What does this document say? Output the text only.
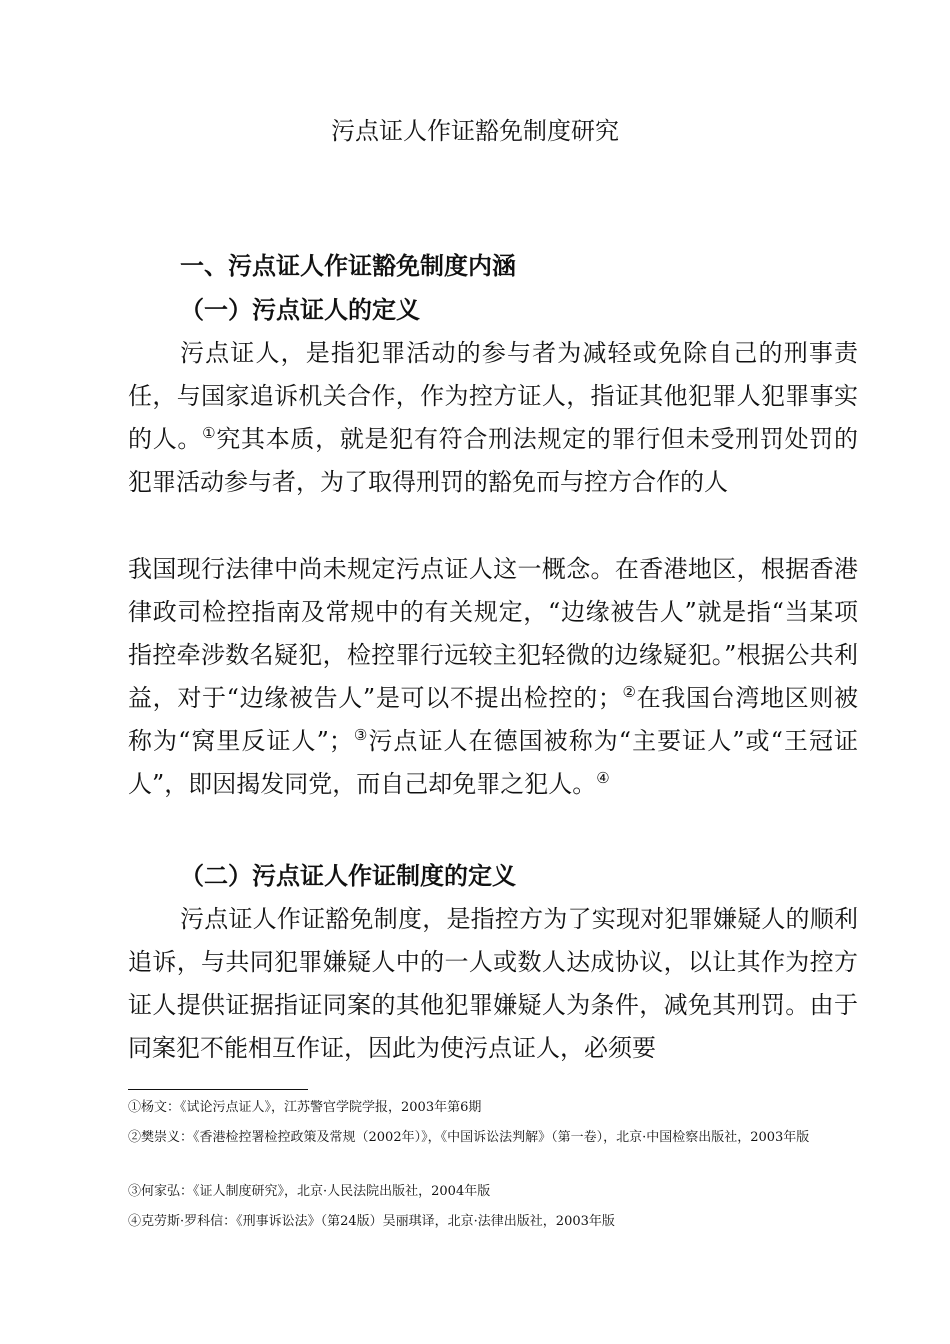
污点证人作证豁免制度研究
一、污点证人作证豁免制度内涵
（一）污点证人的定义

污点证人，是指犯罪活动的参与者为减轻或免除自己的刑事责任，与国家追诉机关合作，作为控方证人，指证其他犯罪人犯罪事实的人。①究其本质，就是犯有符合刑法规定的罪行但未受刑罚处罚的犯罪活动参与者，为了取得刑罚的豁免而与控方合作的人

我国现行法律中尚未规定污点证人这一概念。在香港地区，根据香港律政司检控指南及常规中的有关规定，“边缘被告人”就是指“当某项指控牵涉数名疑犯，检控罪行远较主犯轻微的边缘疑犯。”根据公共利益，对于“边缘被告人”是可以不提出检控的；②在我国台湾地区则被称为“窝里反证人”；③污点证人在德国被称为“主要证人”或“王冠证人”，即因揭发同党，而自己却免罪之犯人。④

（二）污点证人作证制度的定义

污点证人作证豁免制度，是指控方为了实现对犯罪嫌疑人的顺利追诉，与共同犯罪嫌疑人中的一人或数人达成协议，以让其作为控方证人提供证据指证同案的其他犯罪嫌疑人为条件，减免其刑罚。由于同案犯不能相互作证，因此为使污点证人，必须要

①杨文：《试论污点证人》，江苏警官学院学报，2003年第6期
②樊崇义：《香港检控署检控政策及常规（2002年）》，《中国诉讼法判解》（第一卷），北京·中国检察出版社，2003年版
③何家弘：《证人制度研究》，北京·人民法院出版社，2004年版
④克劳斯·罗科信：《刑事诉讼法》（第24版）吴丽琪译，北京·法律出版社，2003年版
